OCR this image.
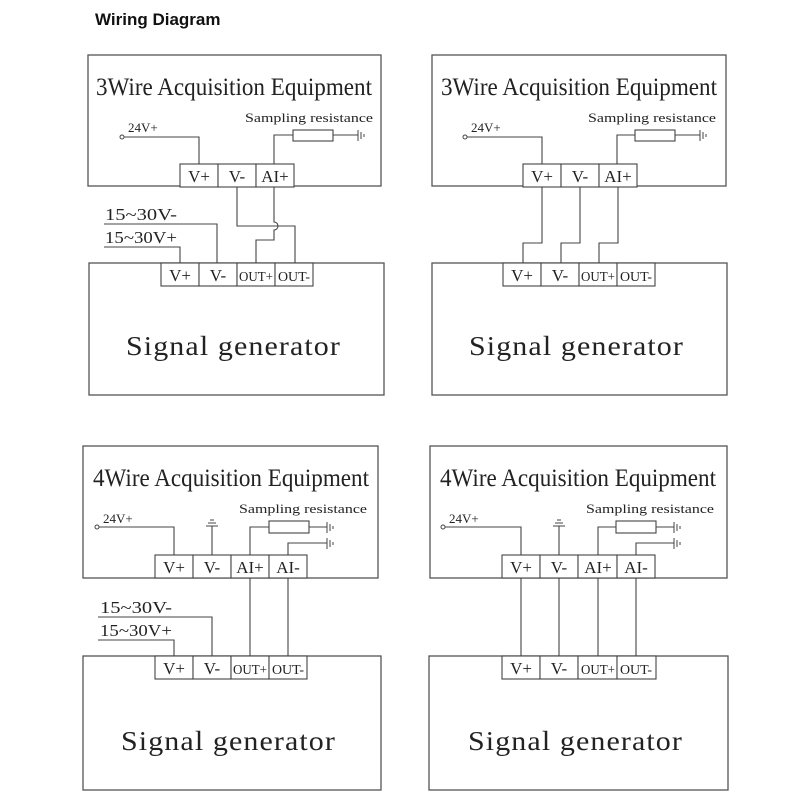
Wiring Diagram
3Wire Acquisition Equipment
Sampling resistance
24V+
V+ V- AI+
15~30V-
15~30V+
V+ V- OUT+ OUT-
Signal generator
3Wire Acquisition Equipment
Sampling resistance
24V+
V+ V- AI+
V+ V- OUT+ OUT-
Signal generator
4Wire Acquisition Equipment
Sampling resistance
24V+
V+ V- AI+ AI-
15~30V-
15~30V+
V+ V- OUT+ OUT-
Signal generator
4Wire Acquisition Equipment
Sampling resistance
24V+
V+ V- AI+ AI-
V+ V- OUT+ OUT-
Signal generator
